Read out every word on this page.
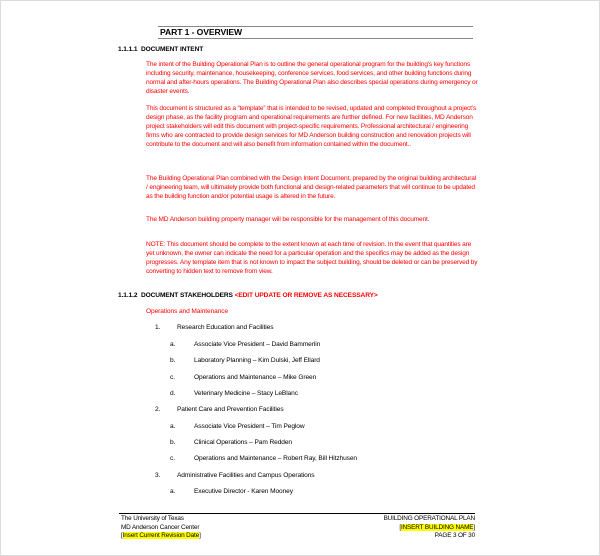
PART 1 - OVERVIEW
1.1.1.1 DOCUMENT INTENT
The intent of the Building Operational Plan is to outline the general operational program for the building's key functions including security, maintenance, housekeeping, conference services, food services, and other building functions during normal and after-hours operations. The Building Operational Plan also describes special operations during emergency or disaster events.
This document is structured as a “template” that is intended to be revised, updated and completed throughout a project’s design phase, as the facility program and operational requirements are further defined. For new facilities, MD Anderson project stakeholders will edit this document with project-specific requirements. Professional architectural / engineering firms who are contracted to provide design services for MD Anderson building construction and renovation projects will contribute to the document and will also benefit from information contained within the document..
The Building Operational Plan combined with the Design Intent Document, prepared by the original building architectural / engineering team, will ultimately provide both functional and design-related parameters that will continue to be updated as the building function and/or potential usage is altered in the future.
The MD Anderson building property manager will be responsible for the management of this document.
NOTE: This document should be complete to the extent known at each time of revision. In the event that quantities are yet unknown, the owner can indicate the need for a particular operation and the specifics may be added as the design progresses. Any template item that is not known to impact the subject building, should be deleted or can be preserved by converting to hidden text to remove from view.
1.1.1.2 DOCUMENT STAKEHOLDERS <EDIT UPDATE OR REMOVE AS NECESSARY>
Operations and Maintenance
1.	Research Education and Facilities
a.	Associate Vice President – David Bammerlin
b.	Laboratory Planning – Kim Dulski, Jeff Ellard
c.	Operations and Maintenance – Mike Green
d.	Veterinary Medicine – Stacy LeBlanc
2.	Patient Care and Prevention Facilities
a.	Associate Vice President – Tim Peglow
b.	Clinical Operations – Pam Redden
c.	Operations and Maintenance – Robert Ray, Bill Hitzhusen
3.	Administrative Facilities and Campus Operations
a.	Executive Director - Karen Mooney
The University of Texas
MD Anderson Cancer Center
[Insert Current Revision Date]
BUILDING OPERATIONAL PLAN
INSERT BUILDING NAME]
PAGE 3 OF 30
